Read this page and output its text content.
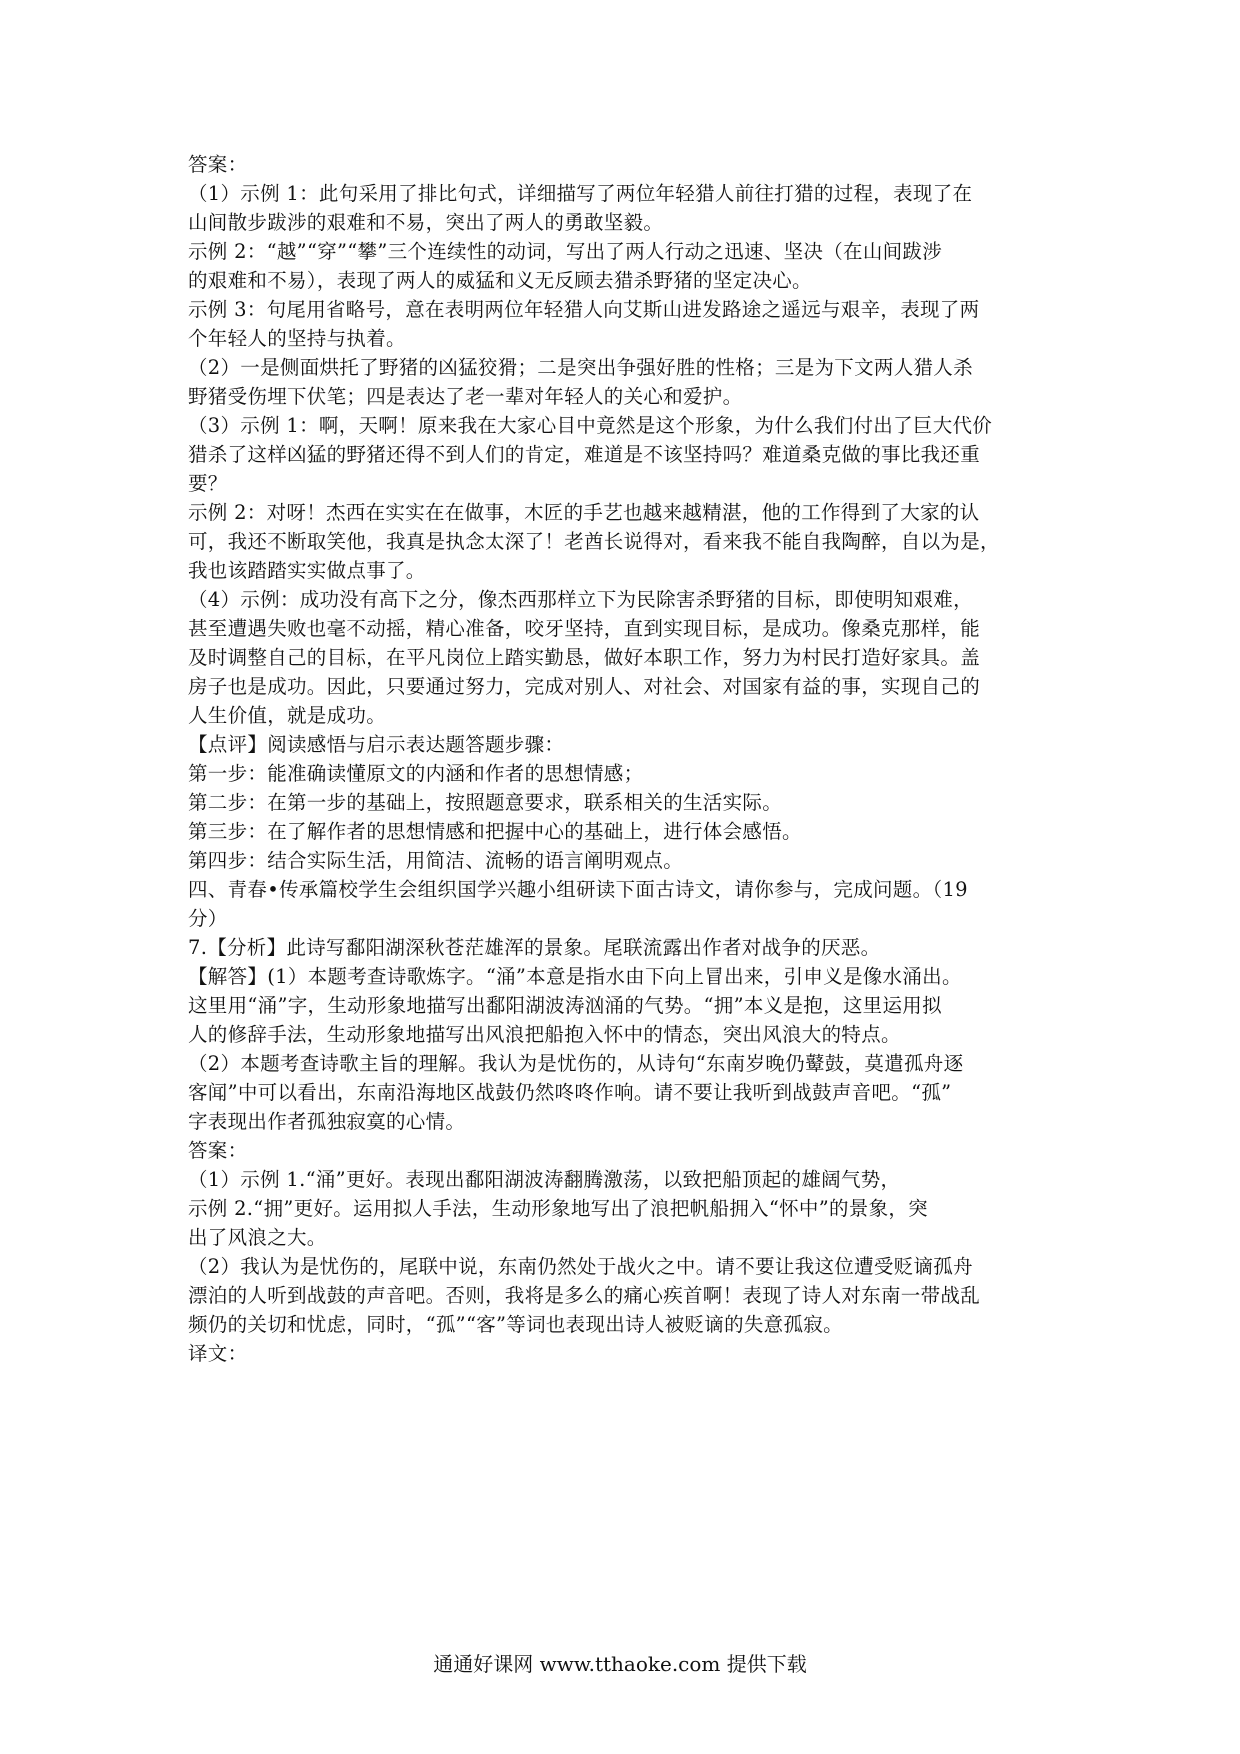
答案：
（1）示例 1：此句采用了排比句式，详细描写了两位年轻猎人前往打猎的过程，表现了在
山间散步跋涉的艰难和不易，突出了两人的勇敢坚毅。
示例 2：“越”“穿”“攀”三个连续性的动词，写出了两人行动之迅速、坚决（在山间跋涉
的艰难和不易），表现了两人的威猛和义无反顾去猎杀野猪的坚定决心。
示例 3：句尾用省略号，意在表明两位年轻猎人向艾斯山进发路途之遥远与艰辛，表现了两
个年轻人的坚持与执着。
（2）一是侧面烘托了野猪的凶猛狡猾；二是突出争强好胜的性格；三是为下文两人猎人杀
野猪受伤埋下伏笔；四是表达了老一辈对年轻人的关心和爱护。
（3）示例 1：啊，天啊！原来我在大家心目中竟然是这个形象，为什么我们付出了巨大代价
猎杀了这样凶猛的野猪还得不到人们的肯定，难道是不该坚持吗？难道桑克做的事比我还重
要？
示例 2：对呀！杰西在实实在在做事，木匠的手艺也越来越精湛，他的工作得到了大家的认
可，我还不断取笑他，我真是执念太深了！老酋长说得对，看来我不能自我陶醉，自以为是，
我也该踏踏实实做点事了。
（4）示例：成功没有高下之分，像杰西那样立下为民除害杀野猪的目标，即使明知艰难，
甚至遭遇失败也毫不动摇，精心准备，咬牙坚持，直到实现目标，是成功。像桑克那样，能
及时调整自己的目标，在平凡岗位上踏实勤恳，做好本职工作，努力为村民打造好家具。盖
房子也是成功。因此，只要通过努力，完成对别人、对社会、对国家有益的事，实现自己的
人生价值，就是成功。
【点评】阅读感悟与启示表达题答题步骤：
第一步：能准确读懂原文的内涵和作者的思想情感；
第二步：在第一步的基础上，按照题意要求，联系相关的生活实际。
第三步：在了解作者的思想情感和把握中心的基础上，进行体会感悟。
第四步：结合实际生活，用简洁、流畅的语言阐明观点。
四、青春•传承篇校学生会组织国学兴趣小组研读下面古诗文，请你参与，完成问题。（19
分）
7.【分析】此诗写鄱阳湖深秋苍茫雄浑的景象。尾联流露出作者对战争的厌恶。
【解答】(1）本题考查诗歌炼字。“涌”本意是指水由下向上冒出来，引申义是像水涌出。
这里用“涌”字，生动形象地描写出鄱阳湖波涛汹涌的气势。“拥”本义是抱，这里运用拟
人的修辞手法，生动形象地描写出风浪把船抱入怀中的情态，突出风浪大的特点。
（2）本题考查诗歌主旨的理解。我认为是忧伤的，从诗句“东南岁晚仍鼙鼓，莫遣孤舟逐
客闻”中可以看出，东南沿海地区战鼓仍然咚咚作响。请不要让我听到战鼓声音吧。“孤”
字表现出作者孤独寂寞的心情。
答案：
（1）示例 1.“涌”更好。表现出鄱阳湖波涛翻腾激荡，以致把船顶起的雄阔气势，
示例 2.“拥”更好。运用拟人手法，生动形象地写出了浪把帆船拥入“怀中”的景象，突
出了风浪之大。
（2）我认为是忧伤的，尾联中说，东南仍然处于战火之中。请不要让我这位遭受贬谪孤舟
漂泊的人听到战鼓的声音吧。否则，我将是多么的痛心疾首啊！表现了诗人对东南一带战乱
频仍的关切和忧虑，同时，“孤”“客”等词也表现出诗人被贬谪的失意孤寂。
译文：
通通好课网 www.tthaoke.com 提供下载
